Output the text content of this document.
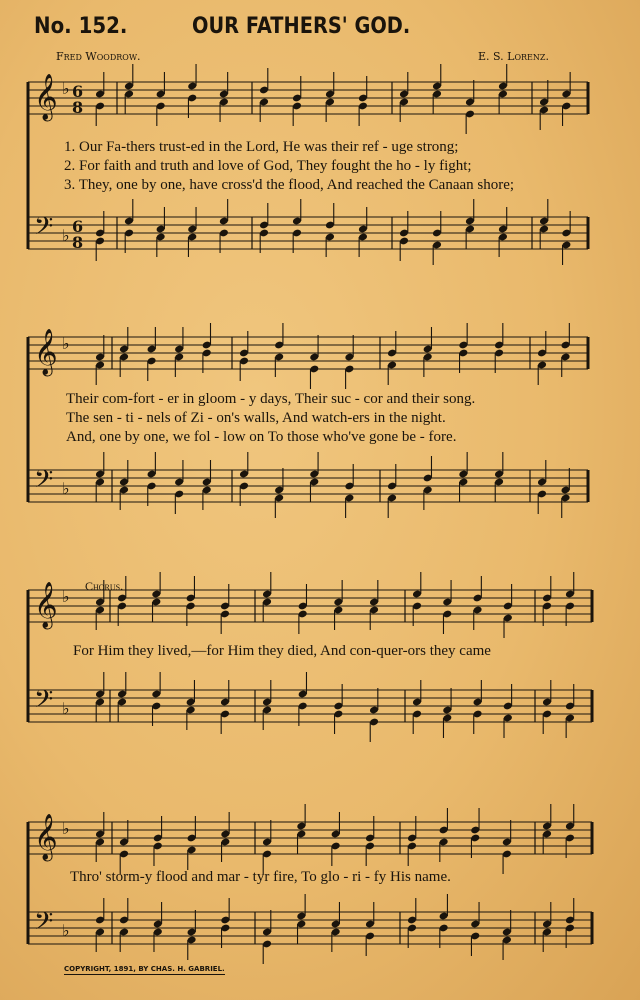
No. 152.	OUR FATHERS' GOD.
Fred Woodrow.	E. S. Lorenz.
𝄞 ♭ 6
8
𝄢 ♭ 6
8
𝄞 ♭
𝄢 ♭
𝄞 ♭
𝄢 ♭
𝄞 ♭
𝄢 ♭
1. Our Fa-thers trust-ed in the Lord, He was their ref - uge strong;
2. For faith and truth and love of God, They fought the ho - ly fight;
3. They, one by one, have cross'd the flood, And reached the Canaan shore;
Their com-fort - er in gloom - y days, Their suc - cor and their song.
The sen - ti - nels of Zi - on's walls, And watch-ers in the night.
And, one by one, we fol - low on To those who've gone be - fore.
Chorus.
For Him they lived,—for Him they died, And con-quer-ors they came
Thro' storm-y flood and mar - tyr fire, To glo - ri - fy His name.
COPYRIGHT, 1891, BY CHAS. H. GABRIEL.
